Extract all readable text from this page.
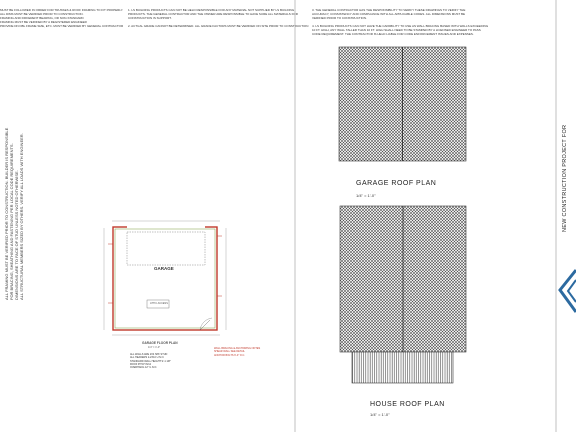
MUST BE FOLLOWED IN ORDER FOR TRUSSES & ROOF FRAMING TO FIT PROPERLY.
ALL DIMS MUST BE VERIFIED PRIOR TO CONSTRUCTION.
FRAMING AND DIFFERENT BEARING, OR NON-STANDARD
FRAMING MUST BE VERIFIED BY A REGISTERED ENGINEER
PROVIDE DN DBL FRAME SIZE, ETC. MUST BE VERIFIED BY GENERAL CONTRACTOR
1. LS BUILDING PRODUCTS CAN NOT BE HELD RESPONSIBLE FOR ANY MATERIAL NOT SUPPLIED BY LS BUILDING
PRODUCTS. THE GENERAL CONTRACTOR AND THE OWNER ARE RESPONSIBLE TO HAVE SURE ALL MATERIALS FOR
CONSTRUCTION IS SUPPORT.
2. ACTUAL GRADE CANNOT BE DETERMINED. ALL GRADE FACTORS MUST BE VERIFIED ON SITE PRIOR TO CONSTRUCTION
3. THE GENERAL CONTRACTOR HAS THE RESPONSIBILITY TO VERIFY THESE DRAWINGS TO VERIFY THE
ACCURACY, CONSISTENCY AND COMPLIANCE WITH ALL APPLICABLE CODES. ALL DIMENSIONS MUST BE
VERIFIED PRIOR TO CONSTRUCTION.
4. LS BUILDING PRODUCTS CAN NOT HAVE THE CAPABILITY TO USE AS WALL BRACING BASED WITH WALLS EXCEEDING
10 FT. HIGH, ANY WALL TALLER THAN 10 FT. HIGH SHALL NEED TO BE STAMPED BY A LICENSED ENGINEER TO PASS
CODE REQUIREMENT. THE CONTRACTOR IS HELD LIABLE FOR CODE ENFORCEMENT ISSUES AND EXPENSES.
ALL FRAMING MUST BE VERIFIED PRIOR TO CONSTRUCTION. BUILDER IS RESPONSIBLE FOR BRACING, SHEATHING AND FASTENING PER LOCAL CODE REQUIREMENTS. DIMENSIONS ARE TO FACE OF STUD UNLESS NOTED OTHERWISE. ALL STRUCTURAL MEMBERS SIZED BY OTHERS. VERIFY ALL LOADS WITH ENGINEER.	GARAGE ROOF PLAN
1/4" = 1'-0"
HOUSE ROOF PLAN
1/4" = 1'-0"
GARAGE
ATTIC ACCESS
GARAGE FLOOR PLAN
1/4" = 1'-0"
ALL WALLS ARE 2X4 SPF STUD
ALL HEADERS 2-2X10 U.N.O.
STANDARD WALL HEIGHT 9'-1 1/8"
ROOF PITCH 6/12
OVERHANG 12" U.N.O.
WALL BRACING & ANCHORING NOTES
SHEAR WALL SEE DETAIL
ANCHOR BOLTS 6'-0" O.C.
NEW CONSTRUCTION PROJECT FOR
